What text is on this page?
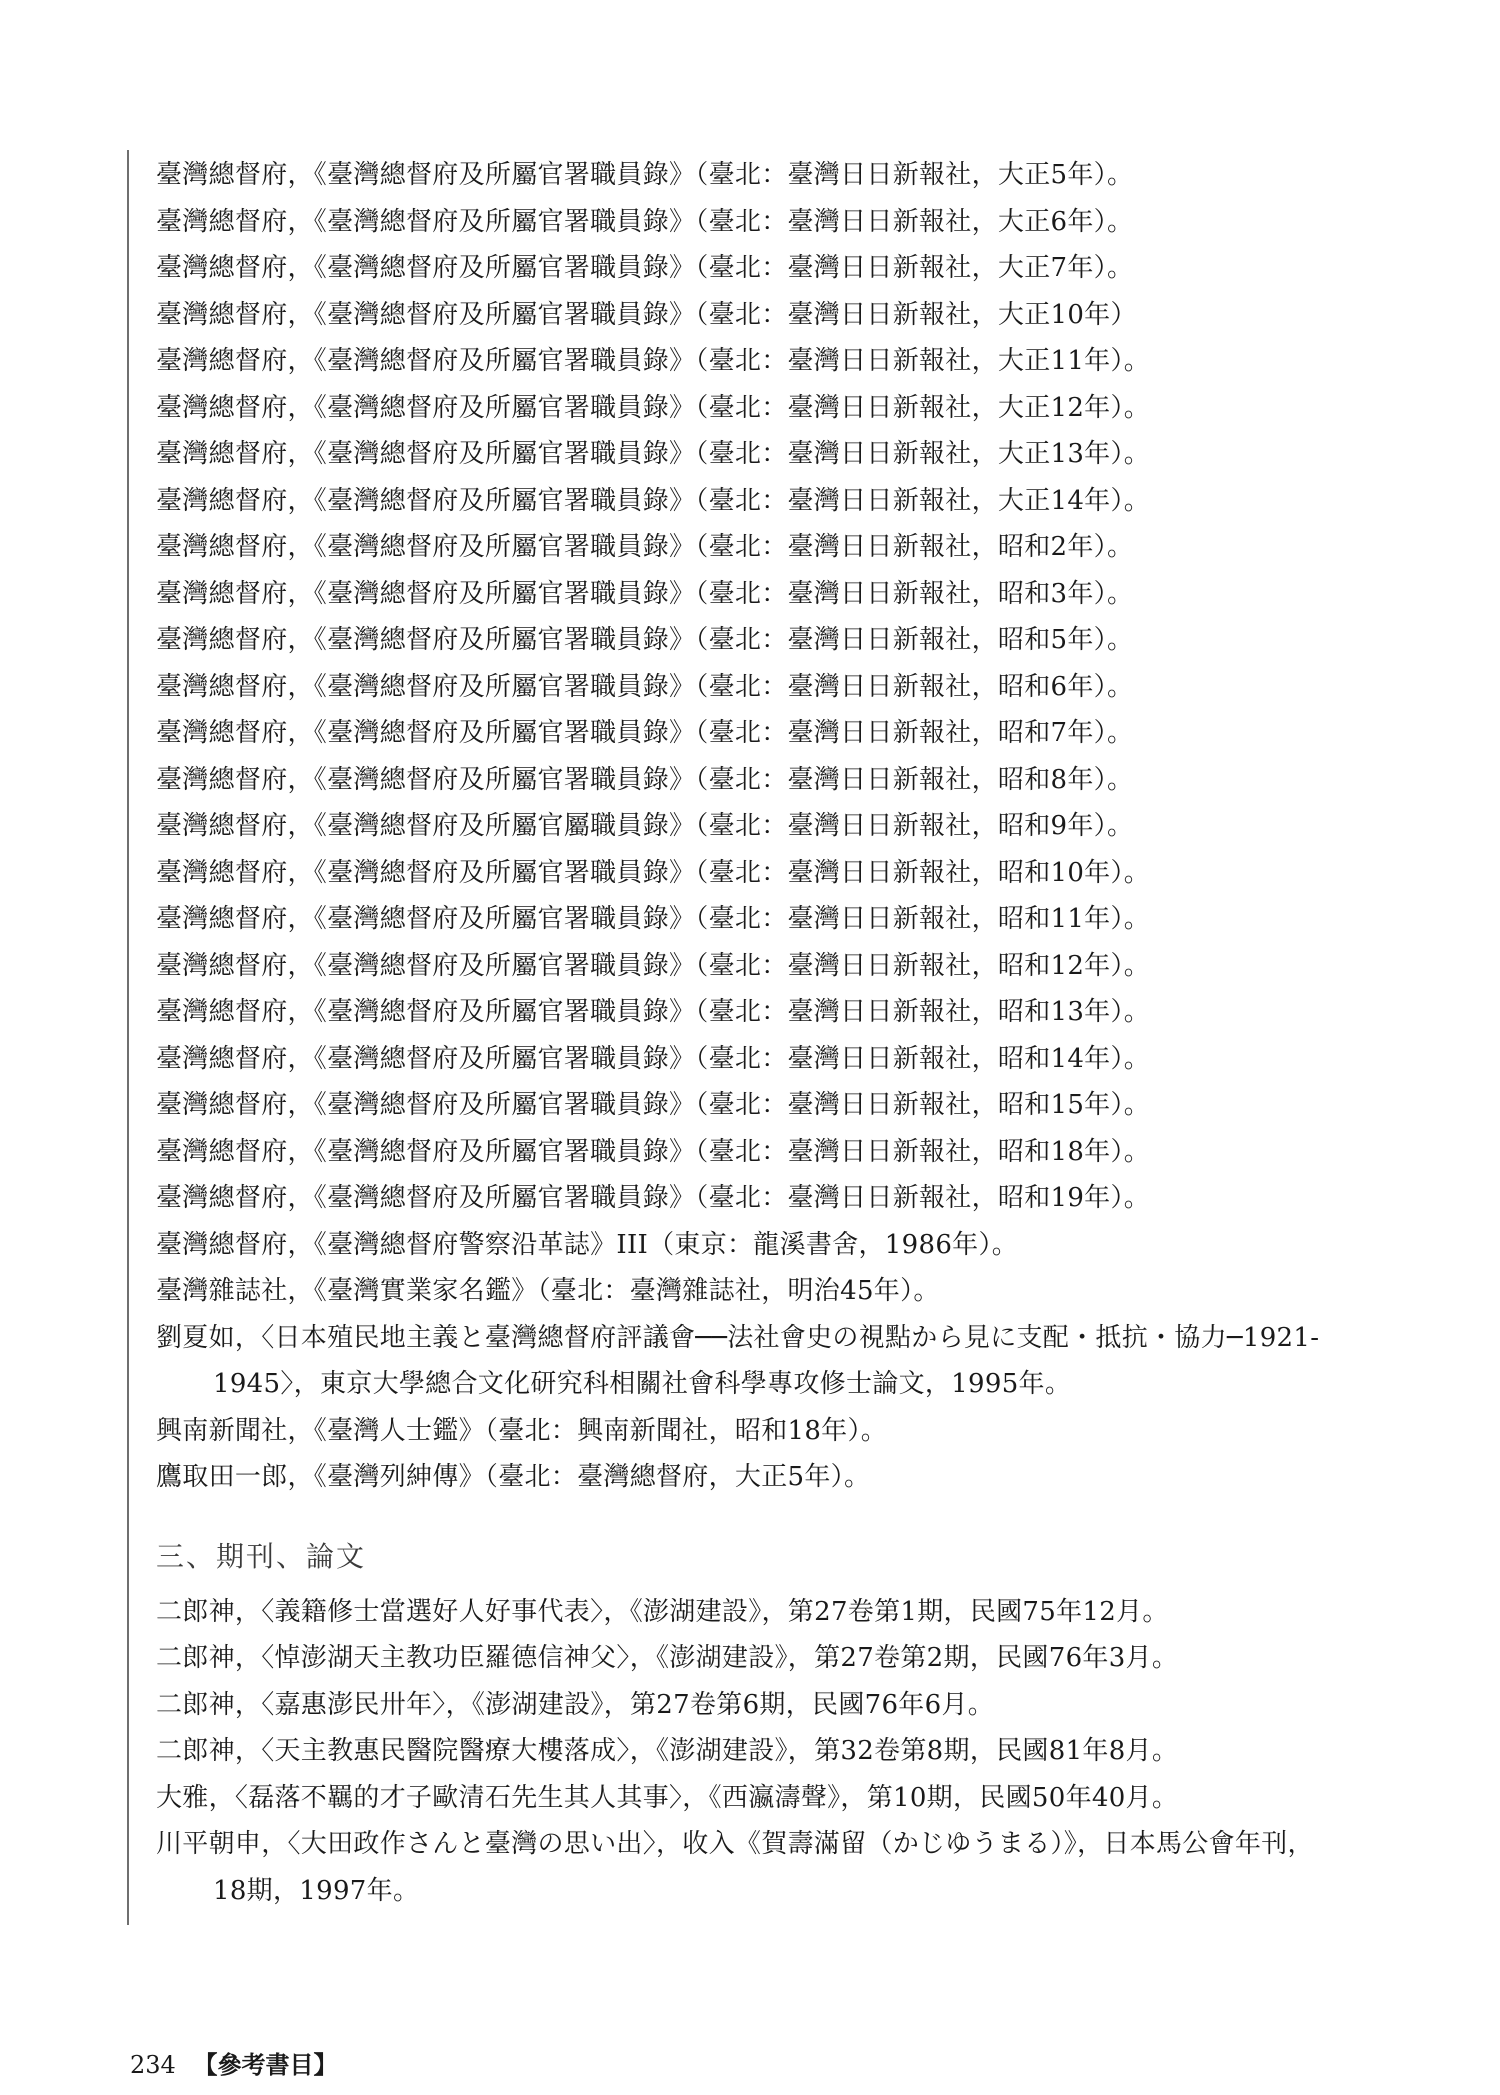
臺灣總督府，《臺灣總督府及所屬官署職員錄》（臺北：臺灣日日新報社，大正5年）。
臺灣總督府，《臺灣總督府及所屬官署職員錄》（臺北：臺灣日日新報社，大正6年）。
臺灣總督府，《臺灣總督府及所屬官署職員錄》（臺北：臺灣日日新報社，大正7年）。
臺灣總督府，《臺灣總督府及所屬官署職員錄》（臺北：臺灣日日新報社，大正10年）
臺灣總督府，《臺灣總督府及所屬官署職員錄》（臺北：臺灣日日新報社，大正11年）。
臺灣總督府，《臺灣總督府及所屬官署職員錄》（臺北：臺灣日日新報社，大正12年）。
臺灣總督府，《臺灣總督府及所屬官署職員錄》（臺北：臺灣日日新報社，大正13年）。
臺灣總督府，《臺灣總督府及所屬官署職員錄》（臺北：臺灣日日新報社，大正14年）。
臺灣總督府，《臺灣總督府及所屬官署職員錄》（臺北：臺灣日日新報社，昭和2年）。
臺灣總督府，《臺灣總督府及所屬官署職員錄》（臺北：臺灣日日新報社，昭和3年）。
臺灣總督府，《臺灣總督府及所屬官署職員錄》（臺北：臺灣日日新報社，昭和5年）。
臺灣總督府，《臺灣總督府及所屬官署職員錄》（臺北：臺灣日日新報社，昭和6年）。
臺灣總督府，《臺灣總督府及所屬官署職員錄》（臺北：臺灣日日新報社，昭和7年）。
臺灣總督府，《臺灣總督府及所屬官署職員錄》（臺北：臺灣日日新報社，昭和8年）。
臺灣總督府，《臺灣總督府及所屬官屬職員錄》（臺北：臺灣日日新報社，昭和9年）。
臺灣總督府，《臺灣總督府及所屬官署職員錄》（臺北：臺灣日日新報社，昭和10年）。
臺灣總督府，《臺灣總督府及所屬官署職員錄》（臺北：臺灣日日新報社，昭和11年）。
臺灣總督府，《臺灣總督府及所屬官署職員錄》（臺北：臺灣日日新報社，昭和12年）。
臺灣總督府，《臺灣總督府及所屬官署職員錄》（臺北：臺灣日日新報社，昭和13年）。
臺灣總督府，《臺灣總督府及所屬官署職員錄》（臺北：臺灣日日新報社，昭和14年）。
臺灣總督府，《臺灣總督府及所屬官署職員錄》（臺北：臺灣日日新報社，昭和15年）。
臺灣總督府，《臺灣總督府及所屬官署職員錄》（臺北：臺灣日日新報社，昭和18年）。
臺灣總督府，《臺灣總督府及所屬官署職員錄》（臺北：臺灣日日新報社，昭和19年）。
臺灣總督府，《臺灣總督府警察沿革誌》III（東京：龍溪書舍，1986年）。
臺灣雜誌社，《臺灣實業家名鑑》（臺北：臺灣雜誌社，明治45年）。
劉夏如，〈日本殖民地主義と臺灣總督府評議會──法社會史の視點から見に支配・抵抗・協力─1921-1945〉，東京大學總合文化研究科相關社會科學專攻修士論文，1995年。
興南新聞社，《臺灣人士鑑》（臺北：興南新聞社，昭和18年）。
鷹取田一郎，《臺灣列紳傳》（臺北：臺灣總督府，大正5年）。
三、期刊、論文
二郎神，〈義籍修士當選好人好事代表〉，《澎湖建設》，第27卷第1期，民國75年12月。
二郎神，〈悼澎湖天主教功臣羅德信神父〉，《澎湖建設》，第27卷第2期，民國76年3月。
二郎神，〈嘉惠澎民卅年〉，《澎湖建設》，第27卷第6期，民國76年6月。
二郎神，〈天主教惠民醫院醫療大樓落成〉，《澎湖建設》，第32卷第8期，民國81年8月。
大雅，〈磊落不羈的才子歐清石先生其人其事〉，《西瀛濤聲》，第10期，民國50年40月。
川平朝申，〈大田政作さんと臺灣の思い出〉，收入《賀壽滿留（かじゆうまる）》，日本馬公會年刊，18期，1997年。
234 【參考書目】
